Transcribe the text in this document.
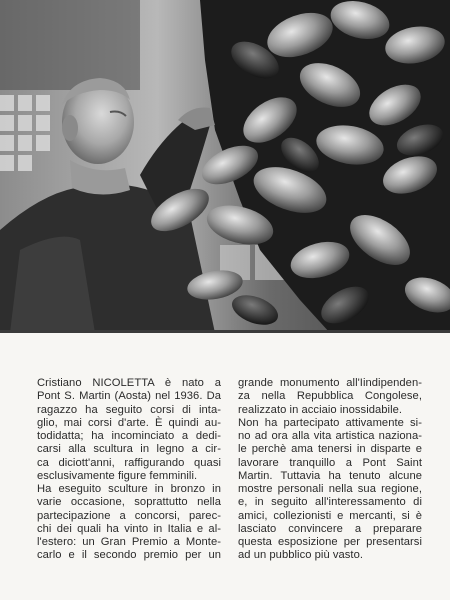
Cristiano NICOLETTA è nato a
Pont S. Martin (Aosta) nel 1936. Da
ragazzo ha seguito corsi di inta-
glio, mai corsi d'arte. È quindi au-
todidatta; ha incominciato a dedi-
carsi alla scultura in legno a cir-
ca diciott'anni, raffigurando quasi
esclusivamente figure femminili.
Ha eseguito sculture in bronzo in
varie occasione, soprattutto nella
partecipazione a concorsi, parec-
chi dei quali ha vinto in Italia e al-
l'estero: un Gran Premio a Monte-
carlo e il secondo premio per un
grande monumento all'Iindipenden-
za nella Repubblica Congolese,
realizzato in acciaio inossidabile.
Non ha partecipato attivamente si-
no ad ora alla vita artistica naziona-
le perchè ama tenersi in disparte e
lavorare tranquillo a Pont Saint
Martin. Tuttavia ha tenuto alcune
mostre personali nella sua regione,
e, in seguito all'interessamento di
amici, collezionisti e mercanti, si è
lasciato convincere a preparare
questa esposizione per presentarsi
ad un pubblico più vasto.
